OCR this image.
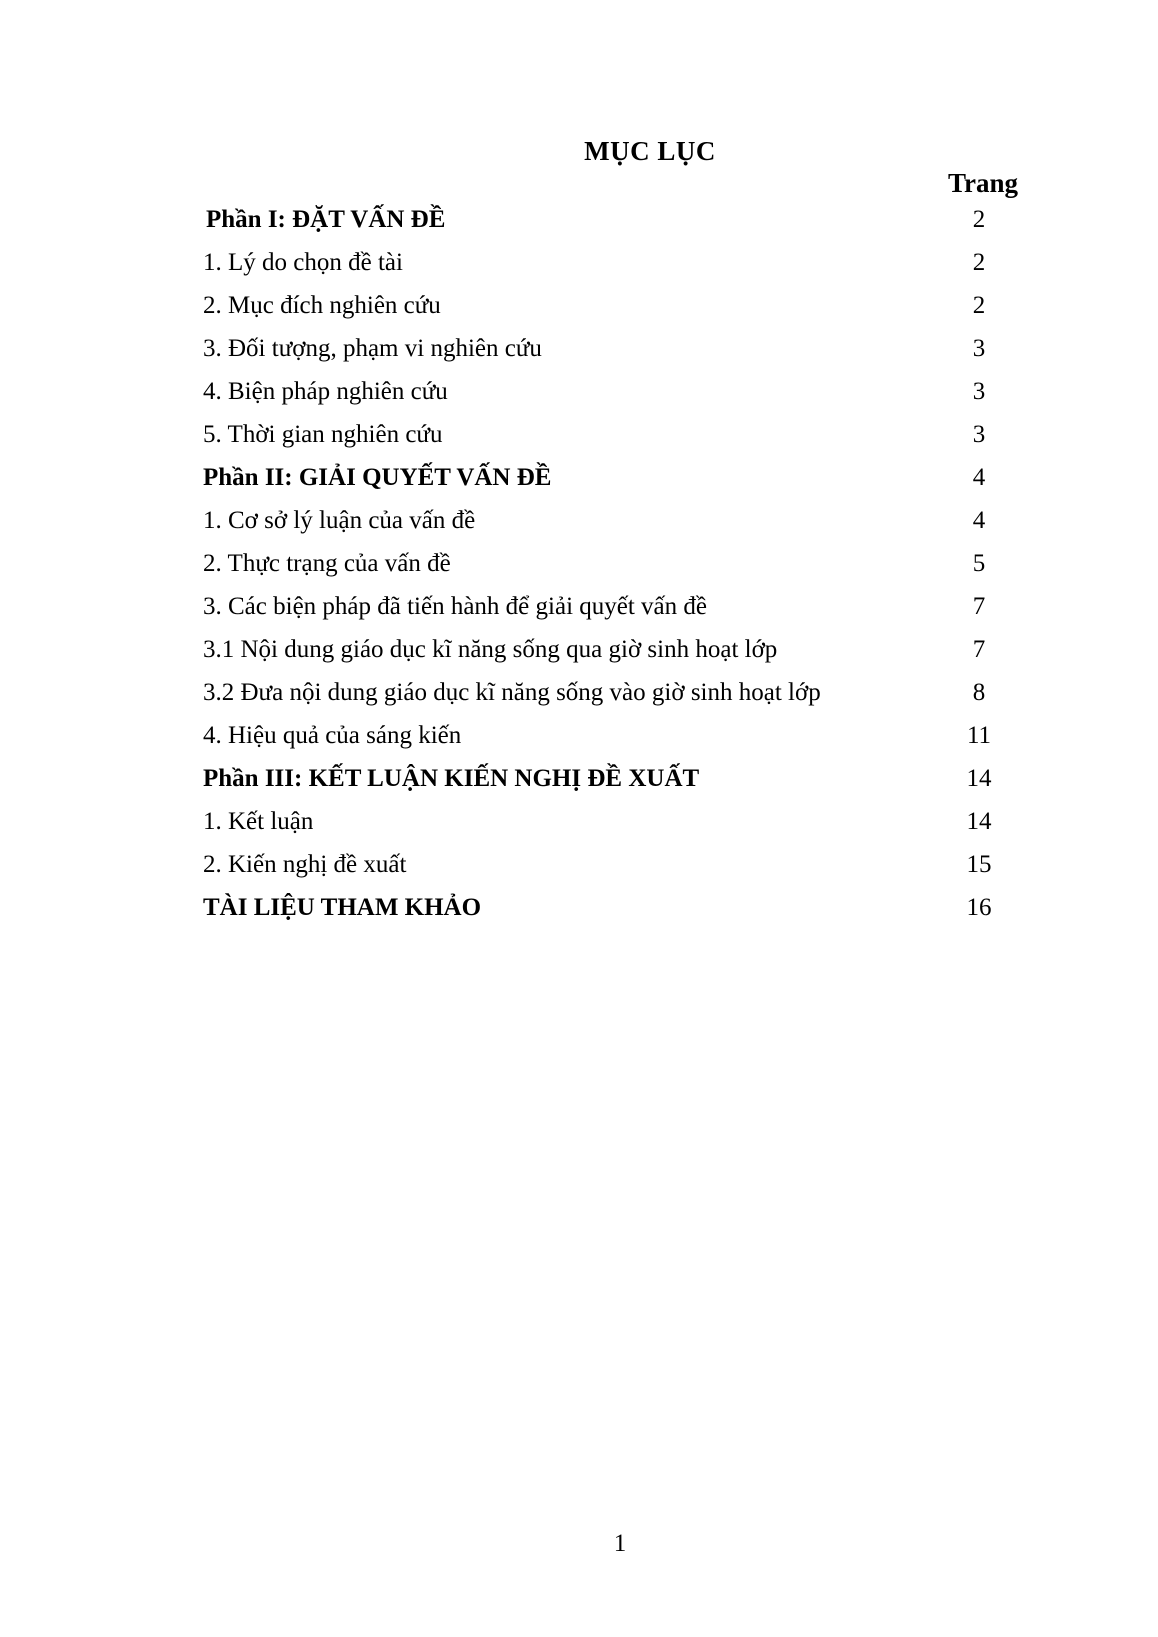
MỤC LỤC
Trang
Phần I: ĐẶT VẤN ĐỀ	2
1. Lý do chọn đề tài	2
2. Mục đích nghiên cứu	2
3. Đối tượng, phạm vi nghiên cứu	3
4. Biện pháp nghiên cứu	3
5. Thời gian nghiên cứu	3
Phần II: GIẢI QUYẾT VẤN ĐỀ	4
1. Cơ sở lý luận của vấn đề	4
2. Thực trạng của vấn đề	5
3. Các biện pháp đã tiến hành để giải quyết vấn đề	7
3.1 Nội dung giáo dục kĩ năng sống qua giờ sinh hoạt lớp	7
3.2 Đưa nội dung giáo dục kĩ năng sống vào giờ sinh hoạt lớp	8
4. Hiệu quả của sáng kiến	11
Phần III: KẾT LUẬN KIẾN NGHỊ ĐỀ XUẤT	14
1. Kết luận	14
2. Kiến nghị đề xuất	15
TÀI LIỆU THAM KHẢO	16
1
